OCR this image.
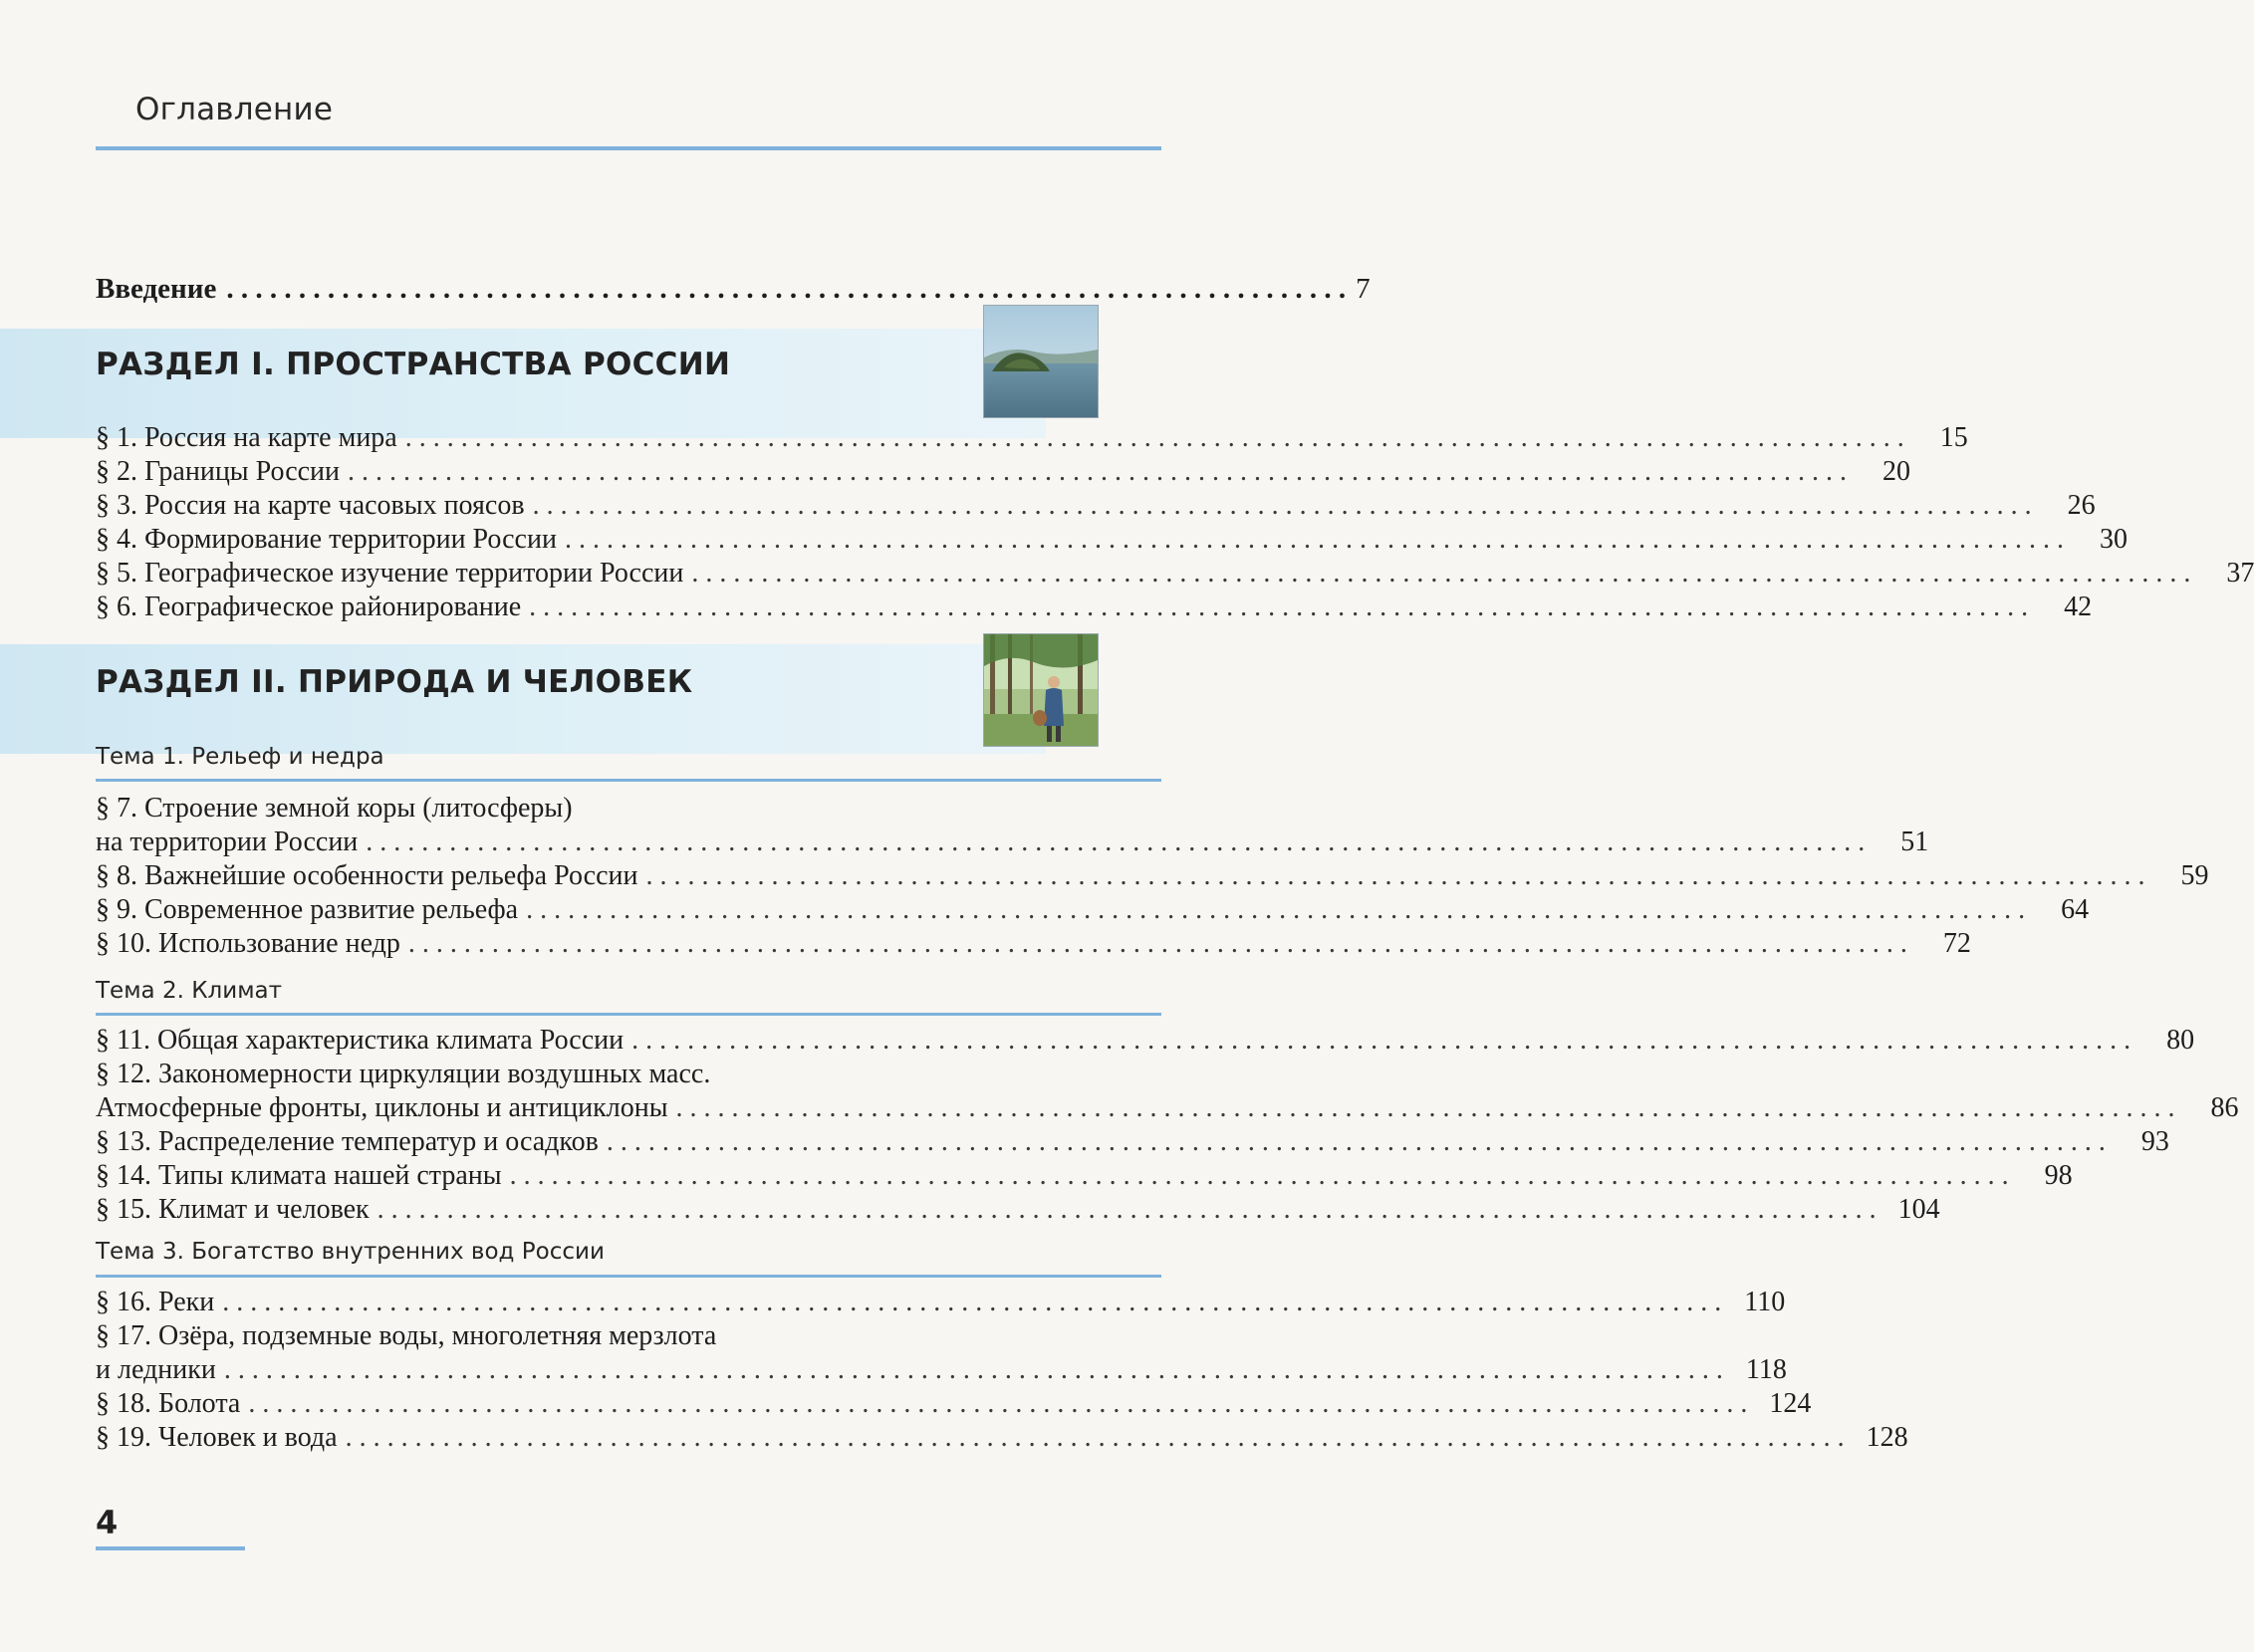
Оглавление
Введение . . . . . . . . . . . . . . . . . . . . . . . . . . . . . . . . . . . . . . . . . . . . . . . . . . . . . . . . . . . . . . . . . . . . . . . . . . . . . . 7
РАЗДЕЛ I. ПРОСТРАНСТВА РОССИИ
§ 1. Россия на карте мира . . .	15
§ 2. Границы России . . .	20
§ 3. Россия на карте часовых поясов . . .	26
§ 4. Формирование территории России . . .	30
§ 5. Географическое изучение территории России . . .	37
§ 6. Географическое районирование . . .	42
РАЗДЕЛ II. ПРИРОДА И ЧЕЛОВЕК
Тема 1. Рельеф и недра
§ 7. Строение земной коры (литосферы)
на территории России . . .	51
§ 8. Важнейшие особенности рельефа России . . .	59
§ 9. Современное развитие рельефа . . .	64
§ 10. Использование недр . . .	72
Тема 2. Климат
§ 11. Общая характеристика климата России . . .	80
§ 12. Закономерности циркуляции воздушных масс.
Атмосферные фронты, циклоны и антициклоны . . .	86
§ 13. Распределение температур и осадков . . .	93
§ 14. Типы климата нашей страны . . .	98
§ 15. Климат и человек . . .	104
Тема 3. Богатство внутренних вод России
§ 16. Реки . . .	110
§ 17. Озёра, подземные воды, многолетняя мерзлота
и ледники . . .	118
§ 18. Болота . . .	124
§ 19. Человек и вода . . .	128
4
